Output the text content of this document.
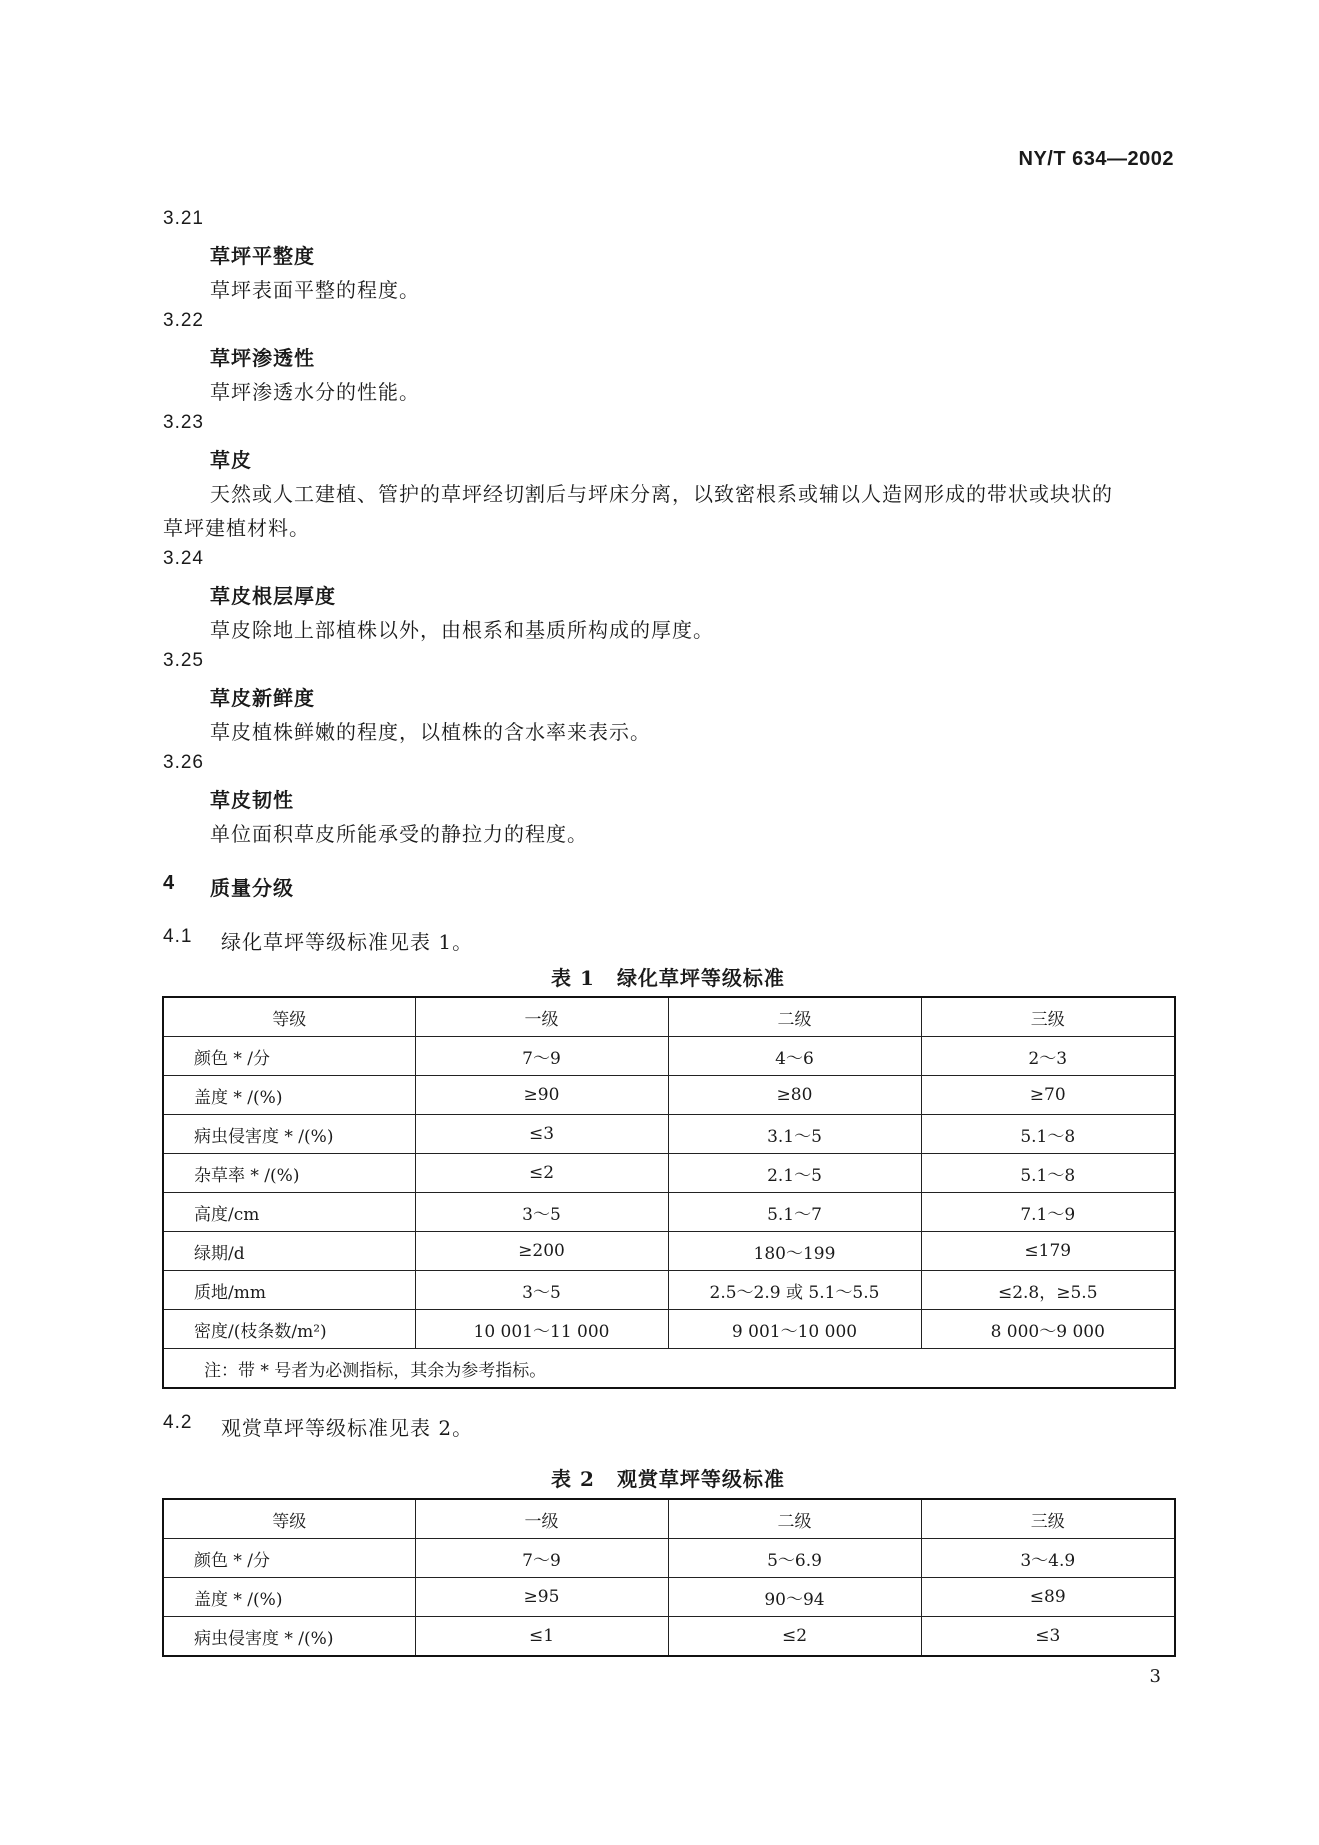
NY/T 634—2002
3.21
草坪平整度
草坪表面平整的程度。
3.22
草坪渗透性
草坪渗透水分的性能。
3.23
草皮
天然或人工建植、管护的草坪经切割后与坪床分离，以致密根系或辅以人造网形成的带状或块状的
草坪建植材料。
3.24
草皮根层厚度
草皮除地上部植株以外，由根系和基质所构成的厚度。
3.25
草皮新鲜度
草皮植株鲜嫩的程度，以植株的含水率来表示。
3.26
草皮韧性
单位面积草皮所能承受的静拉力的程度。
4 质量分级
4.1 绿化草坪等级标准见表 1。
表 1 绿化草坪等级标准
等级	一级	二级	三级
颜色 * /分	7～9	4～6	2～3
盖度 * /(%)	≥90	≥80	≥70
病虫侵害度 * /(%)	≤3	3.1～5	5.1～8
杂草率 * /(%)	≤2	2.1～5	5.1～8
高度/cm	3～5	5.1～7	7.1～9
绿期/d	≥200	180～199	≤179
质地/mm	3～5	2.5～2.9 或 5.1～5.5	≤2.8，≥5.5
密度/(枝条数/m²)	10 001～11 000	9 001～10 000	8 000～9 000
注：带 * 号者为必测指标，其余为参考指标。			
4.2 观赏草坪等级标准见表 2。
表 2 观赏草坪等级标准
等级	一级	二级	三级
颜色 * /分	7～9	5～6.9	3～4.9
盖度 * /(%)	≥95	90～94	≤89
病虫侵害度 * /(%)	≤1	≤2	≤3
3
